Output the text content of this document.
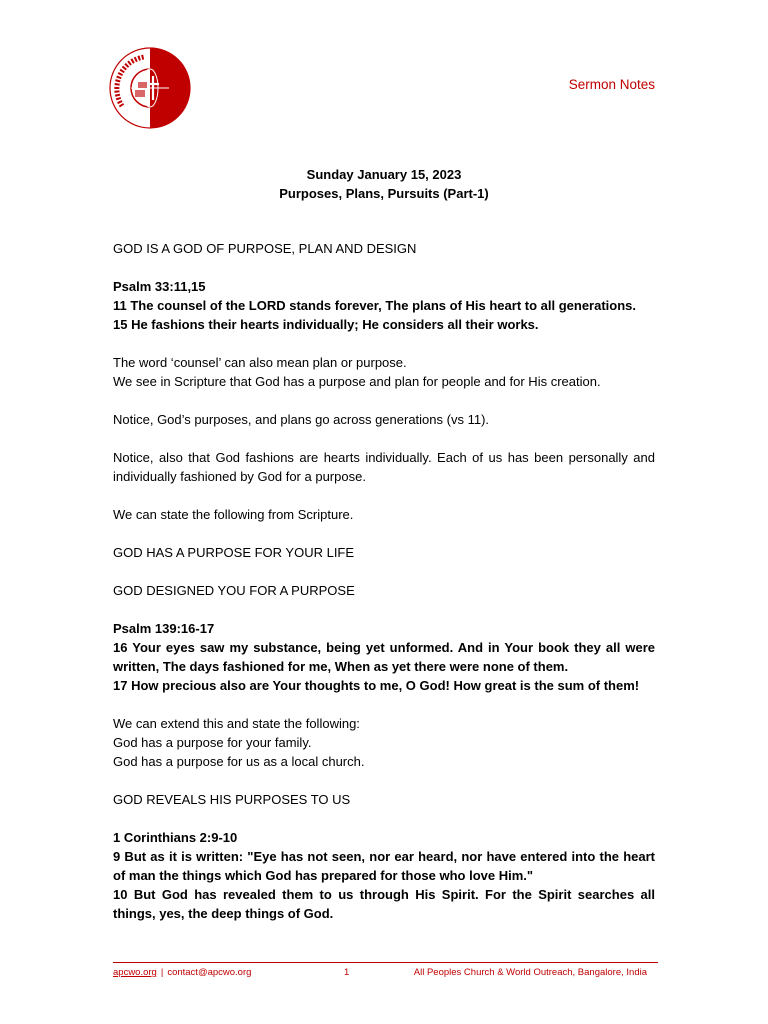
Sermon Notes
Sunday January 15, 2023
Purposes, Plans, Pursuits (Part-1)

GOD IS A GOD OF PURPOSE, PLAN AND DESIGN

Psalm 33:11,15
11 The counsel of the LORD stands forever, The plans of His heart to all generations.
15 He fashions their hearts individually; He considers all their works.

The word ‘counsel’ can also mean plan or purpose.
We see in Scripture that God has a purpose and plan for people and for His creation.

Notice, God’s purposes, and plans go across generations (vs 11).

Notice, also that God fashions are hearts individually. Each of us has been personally and individually fashioned by God for a purpose.

We can state the following from Scripture.

GOD HAS A PURPOSE FOR YOUR LIFE

GOD DESIGNED YOU FOR A PURPOSE

Psalm 139:16-17
16 Your eyes saw my substance, being yet unformed. And in Your book they all were written, The days fashioned for me, When as yet there were none of them.
17 How precious also are Your thoughts to me, O God! How great is the sum of them!

We can extend this and state the following:
God has a purpose for your family.
God has a purpose for us as a local church.

GOD REVEALS HIS PURPOSES TO US

1 Corinthians 2:9-10
9 But as it is written: "Eye has not seen, nor ear heard, nor have entered into the heart of man the things which God has prepared for those who love Him."
10 But God has revealed them to us through His Spirit. For the Spirit searches all things, yes, the deep things of God.

apcwo.org | contact@apcwo.org	1	All Peoples Church & World Outreach, Bangalore, India
